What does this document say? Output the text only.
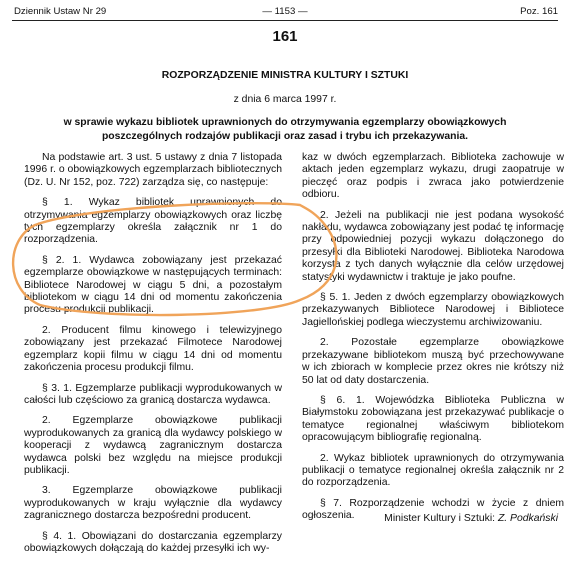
Dziennik Ustaw Nr 29	— 1153 —	Poz. 161
161
ROZPORZĄDZENIE MINISTRA KULTURY I SZTUKI
z dnia 6 marca 1997 r.
w sprawie wykazu bibliotek uprawnionych do otrzymywania egzemplarzy obowiązkowych poszczególnych rodzajów publikacji oraz zasad i trybu ich przekazywania.

Na podstawie art. 3 ust. 5 ustawy z dnia 7 listopada 1996 r. o obowiązkowych egzemplarzach bibliotecznych (Dz. U. Nr 152, poz. 722) zarządza się, co następuje:

§ 1. Wykaz bibliotek uprawnionych do otrzymywania egzemplarzy obowiązkowych oraz liczbę tych egzemplarzy określa załącznik nr 1 do rozporządzenia.

§ 2. 1. Wydawca zobowiązany jest przekazać egzemplarze obowiązkowe w następujących terminach: Bibliotece Narodowej w ciągu 5 dni, a pozostałym bibliotekom w ciągu 14 dni od momentu zakończenia procesu produkcji publikacji.

2. Producent filmu kinowego i telewizyjnego zobowiązany jest przekazać Filmotece Narodowej egzemplarz kopii filmu w ciągu 14 dni od momentu zakończenia procesu produkcji filmu.

§ 3. 1. Egzemplarze publikacji wyprodukowanych w całości lub częściowo za granicą dostarcza wydawca.

2. Egzemplarze obowiązkowe publikacji wyprodukowanych za granicą dla wydawcy polskiego w kooperacji z wydawcą zagranicznym dostarcza wydawca polski bez względu na miejsce produkcji publikacji.

3. Egzemplarze obowiązkowe publikacji wyprodukowanych w kraju wyłącznie dla wydawcy zagranicznego dostarcza bezpośredni producent.

§ 4. 1. Obowiązani do dostarczania egzemplarzy obowiązkowych dołączają do każdej przesyłki ich wy-

kaz w dwóch egzemplarzach. Biblioteka zachowuje w aktach jeden egzemplarz wykazu, drugi zaopatruje w pieczęć oraz podpis i zwraca jako potwierdzenie odbioru.

2. Jeżeli na publikacji nie jest podana wysokość nakładu, wydawca zobowiązany jest podać tę informację przy odpowiedniej pozycji wykazu dołączonego do przesyłki dla Biblioteki Narodowej. Biblioteka Narodowa korzysta z tych danych wyłącznie dla celów urzędowej statystyki wydawnictw i traktuje je jako poufne.

§ 5. 1. Jeden z dwóch egzemplarzy obowiązkowych przekazywanych Bibliotece Narodowej i Bibliotece Jagiellońskiej podlega wieczystemu archiwizowaniu.

2. Pozostałe egzemplarze obowiązkowe przekazywane bibliotekom muszą być przechowywane w ich zbiorach w komplecie przez okres nie krótszy niż 50 lat od daty dostarczenia.

§ 6. 1. Wojewódzka Biblioteka Publiczna w Białymstoku zobowiązana jest przekazywać publikacje o tematyce regionalnej właściwym bibliotekom opracowującym bibliografię regionalną.

2. Wykaz bibliotek uprawnionych do otrzymywania publikacji o tematyce regionalnej określa załącznik nr 2 do rozporządzenia.

§ 7. Rozporządzenie wchodzi w życie z dniem ogłoszenia.	Minister Kultury i Sztuki: Z. Podkański
